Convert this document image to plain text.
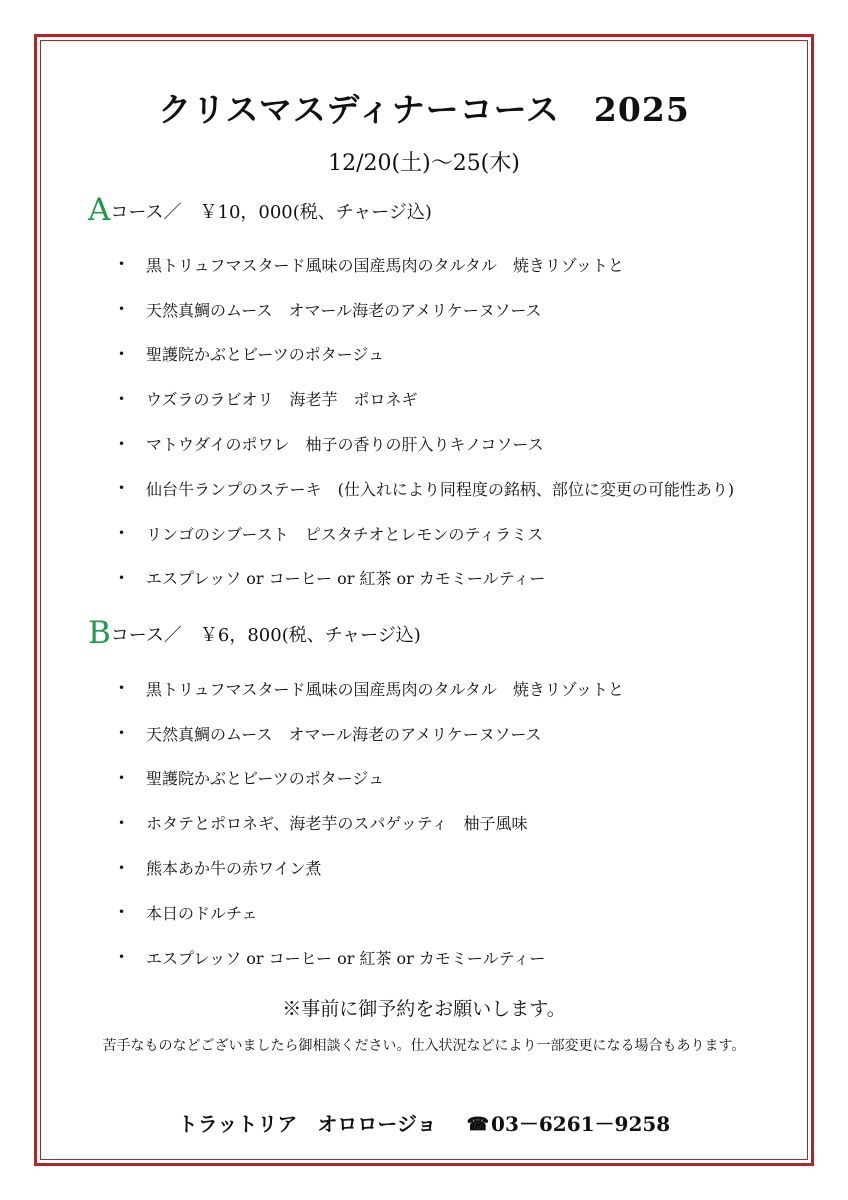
クリスマスディナーコース　2025
12/20(土)～25(木)
Aコース／　￥10，000(税、チャージ込)
•	黒トリュフマスタード風味の国産馬肉のタルタル　焼きリゾットと
•	天然真鯛のムース　オマール海老のアメリケーヌソース
•	聖護院かぶとビーツのポタージュ
•	ウズラのラビオリ　海老芋　ポロネギ
•	マトウダイのポワレ　柚子の香りの肝入りキノコソース
•	仙台牛ランプのステーキ　(仕入れにより同程度の銘柄、部位に変更の可能性あり)
•	リンゴのシブースト　ピスタチオとレモンのティラミス
•	エスプレッソ or コーヒー or 紅茶 or カモミールティー
Bコース／　￥6，800(税、チャージ込)
•	黒トリュフマスタード風味の国産馬肉のタルタル　焼きリゾットと
•	天然真鯛のムース　オマール海老のアメリケーヌソース
•	聖護院かぶとビーツのポタージュ
•	ホタテとポロネギ、海老芋のスパゲッティ　柚子風味
•	熊本あか牛の赤ワイン煮
•	本日のドルチェ
•	エスプレッソ or コーヒー or 紅茶 or カモミールティー
※事前に御予約をお願いします。
苦手なものなどございましたら御相談ください。仕入状況などにより一部変更になる場合もあります。
トラットリア　オロロージョ ☎ 03－6261－9258
